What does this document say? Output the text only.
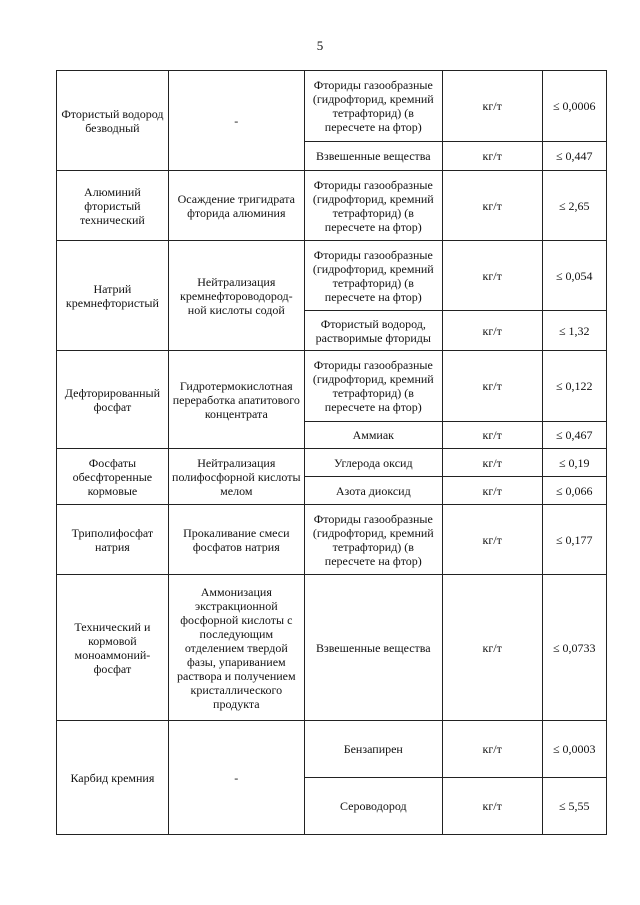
5
Фтористый водород безводный	-	Фториды газообразные (гидрофторид, кремний тетрафторид) (в пересчете на фтор)	кг/т	≤ 0,0006
		Взвешенные вещества	кг/т	≤ 0,447
Алюминий фтористый технический	Осаждение тригидрата фторида алюминия	Фториды газообразные (гидрофторид, кремний тетрафторид) (в пересчете на фтор)	кг/т	≤ 2,65
Натрий кремнефтористый	Нейтрализация кремнефтороводород-ной кислоты содой	Фториды газообразные (гидрофторид, кремний тетрафторид) (в пересчете на фтор)	кг/т	≤ 0,054
		Фтористый водород, растворимые фториды	кг/т	≤ 1,32
Дефторированный фосфат	Гидротермокислотная переработка апатитового концентрата	Фториды газообразные (гидрофторид, кремний тетрафторид) (в пересчете на фтор)	кг/т	≤ 0,122
		Аммиак	кг/т	≤ 0,467
Фосфаты обесфторенные кормовые	Нейтрализация полифосфорной кислоты мелом	Углерода оксид	кг/т	≤ 0,19
		Азота диоксид	кг/т	≤ 0,066
Триполифосфат натрия	Прокаливание смеси фосфатов натрия	Фториды газообразные (гидрофторид, кремний тетрафторид) (в пересчете на фтор)	кг/т	≤ 0,177
Технический и кормовой моноаммоний-фосфат	Аммонизация экстракционной фосфорной кислоты с последующим отделением твердой фазы, упариванием раствора и получением кристаллического продукта	Взвешенные вещества	кг/т	≤ 0,0733
Карбид кремния	-	Бензапирен	кг/т	≤ 0,0003
		Сероводород	кг/т	≤ 5,55
